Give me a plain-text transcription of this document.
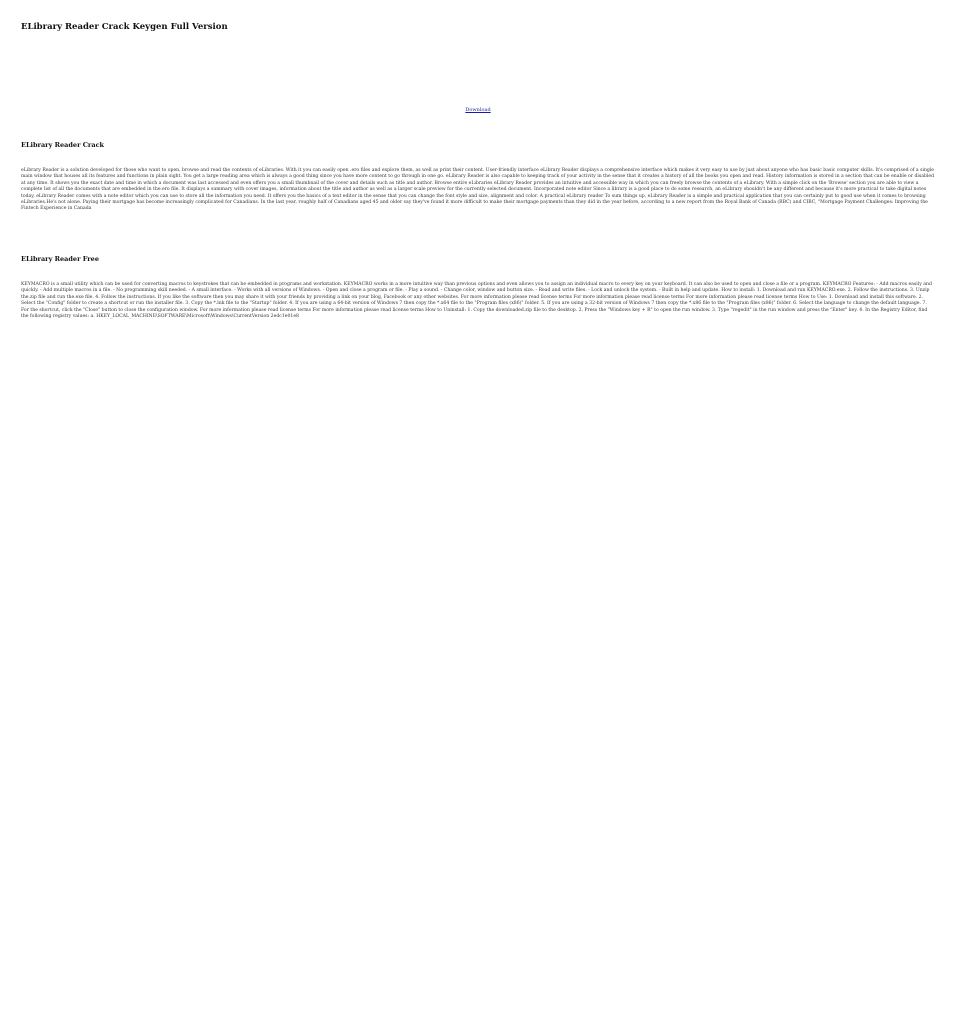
ELibrary Reader Crack Keygen Full Version
Download
ELibrary Reader Crack

eLibrary Reader is a solution developed for those who want to open, browse and read the contents of eLibraries. With it you can easily open .ero files and explore them, as well as print their content. User-friendly interface eLibrary Reader displays a comprehensive interface which makes it very easy to use by just about anyone who has basic basic computer skills. It's comprised of a single main window that houses all its features and functions in plain sight. You get a large reading area which is always a good thing since you have more content to go through in one go. eLibrary Reader is also capable to keeping track of your activity in the sense that it creates a history of all the books you open and read. History information is stored in a section that can be enable or disabled at any time. It shows you the exact date and time in which a document was last accessed and even offers you a small thumbnail of the cover and details such as title and author. Browse entire eLibraries eLibrary Reader provides an intuitive and accessible way in which you can freely browse the contents of a eLibrary. With a simple click on the 'Browse' section you are able to view a complete list of all the documents that are embedded in the.ero file. It displays a summary with cover images, information about the title and author as well as a larger scale preview for the currently selected document. Incorporated note editor Since a library is a good place to do some research, an eLibrary shouldn't be any different and because it's more practical to take digital notes today, eLibrary Reader comes with a note editor which you can use to store all the information you need. It offers you the basics of a text editor in the sense that you can change the font style and size, alignment and color. A practical eLibrary reader To sum things up, eLibrary Reader is a simple and practical application that you can certainly put to good use when it comes to browsing eLibraries.He's not alone. Paying their mortgage has become increasingly complicated for Canadians. In the last year, roughly half of Canadians aged 45 and older say they've found it more difficult to make their mortgage payments than they did in the year before, according to a new report from the Royal Bank of Canada (RBC) and CIBC, "Mortgage Payment Challenges: Improving the Fintech Experience in Canada

ELibrary Reader Free

KEYMACRO is a small utility which can be used for converting macros to keystrokes that can be embedded in programs and workstation. KEYMACRO works in a more intuitive way than previous options and even allows you to assign an individual macro to every key on your keyboard. It can also be used to open and close a file or a program. KEYMACRO Features: - Add macros easily and quickly. - Add multiple macros in a file. - No programming skill needed. - A small interface. - Works with all versions of Windows. - Open and close a program or file. - Play a sound. - Change color, window and button size. - Read and write files. - Lock and unlock the system. - Built in help and update. How to install: 1. Download and run KEYMACRO.exe. 2. Follow the instructions. 3. Unzip the.zip file and run the.exe file. 4. Follow the instructions. If you like the software then you may share it with your friends by providing a link on your blog, Facebook or any other websites. For more information please read license terms For more information please read license terms For more information please read license terms How to Use: 1. Download and install this software. 2. Select the "Config" folder to create a shortcut or run the installer file. 3. Copy the *.lnk file to the "Startup" folder. 4. If you are using a 64-bit version of Windows 7 then copy the *.x64 file to the "Program files (x86)" folder. 5. If you are using a 32-bit version of Windows 7 then copy the *.x86 file to the "Program files (x86)" folder. 6. Select the language to change the default language. 7. For the shortcut, click the "Close" button to close the configuration window. For more information please read license terms For more information please read license terms How to Uninstall: 1. Copy the downloaded.zip file to the desktop. 2. Press the "Windows key + R" to open the run window. 3. Type "regedit" in the run window and press the "Enter" key. 4. In the Registry Editor, find the following registry values: a. HKEY_LOCAL_MACHINE\SOFTWARE\Microsoft\Windows\CurrentVersion 2edc1e01e8
